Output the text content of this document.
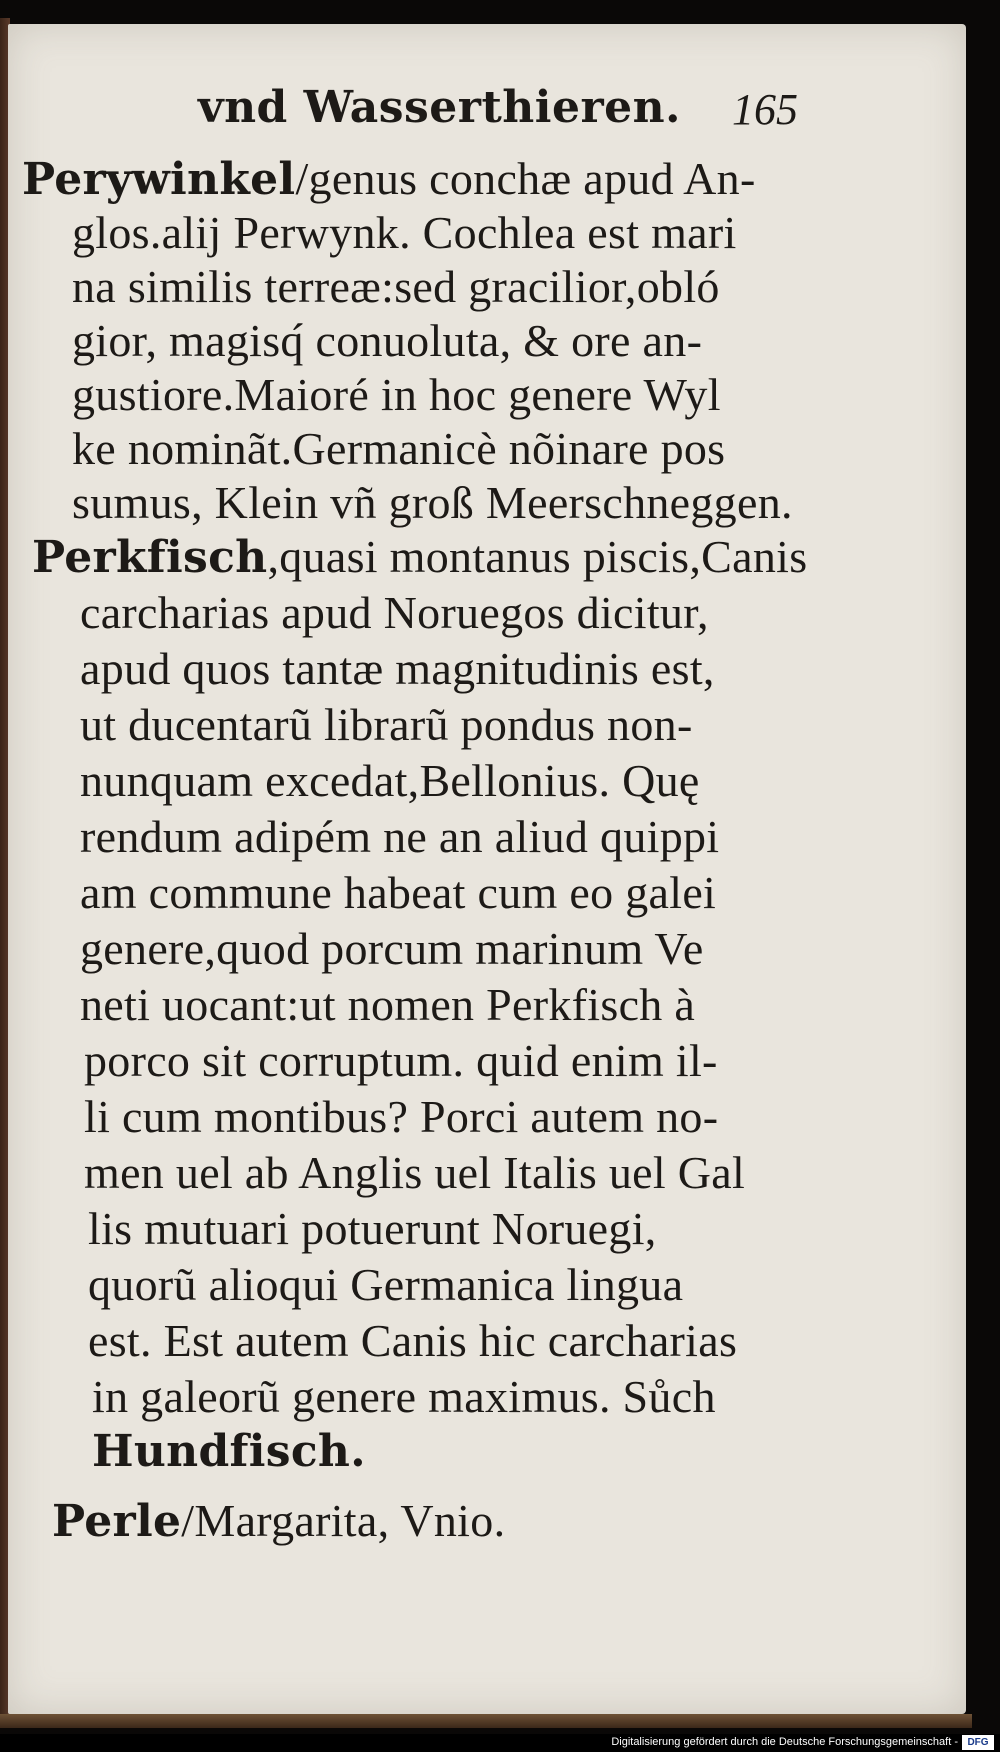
vnd Wasserthieren. 165
Perywinkel/genus conchæ apud An-
glos.alij Perwynk. Cochlea est mari
na similis terreæ:sed gracilior,obló
gior, magisq́ conuoluta, & ore an-
gustiore.Maioré in hoc genere Wyl
ke nominãt.Germanicè nõinare pos
sumus, Klein vñ groß Meerschneggen.
Perkfisch,quasi montanus piscis,Canis
carcharias apud Noruegos dicitur,
apud quos tantæ magnitudinis est,
ut ducentarũ librarũ pondus non-
nunquam excedat,Bellonius. Quę
rendum adipém ne an aliud quippi
am commune habeat cum eo galei
genere,quod porcum marinum Ve
neti uocant:ut nomen Perkfisch à
porco sit corruptum. quid enim il-
li cum montibus? Porci autem no-
men uel ab Anglis uel Italis uel Gal
lis mutuari potuerunt Noruegi,
quorũ alioqui Germanica lingua
est. Est autem Canis hic carcharias
in galeorũ genere maximus. Sůch
Hundfisch.
Perle/Margarita, Vnio.
Digitalisierung gefördert durch die Deutsche Forschungsgemeinschaft - DFG
